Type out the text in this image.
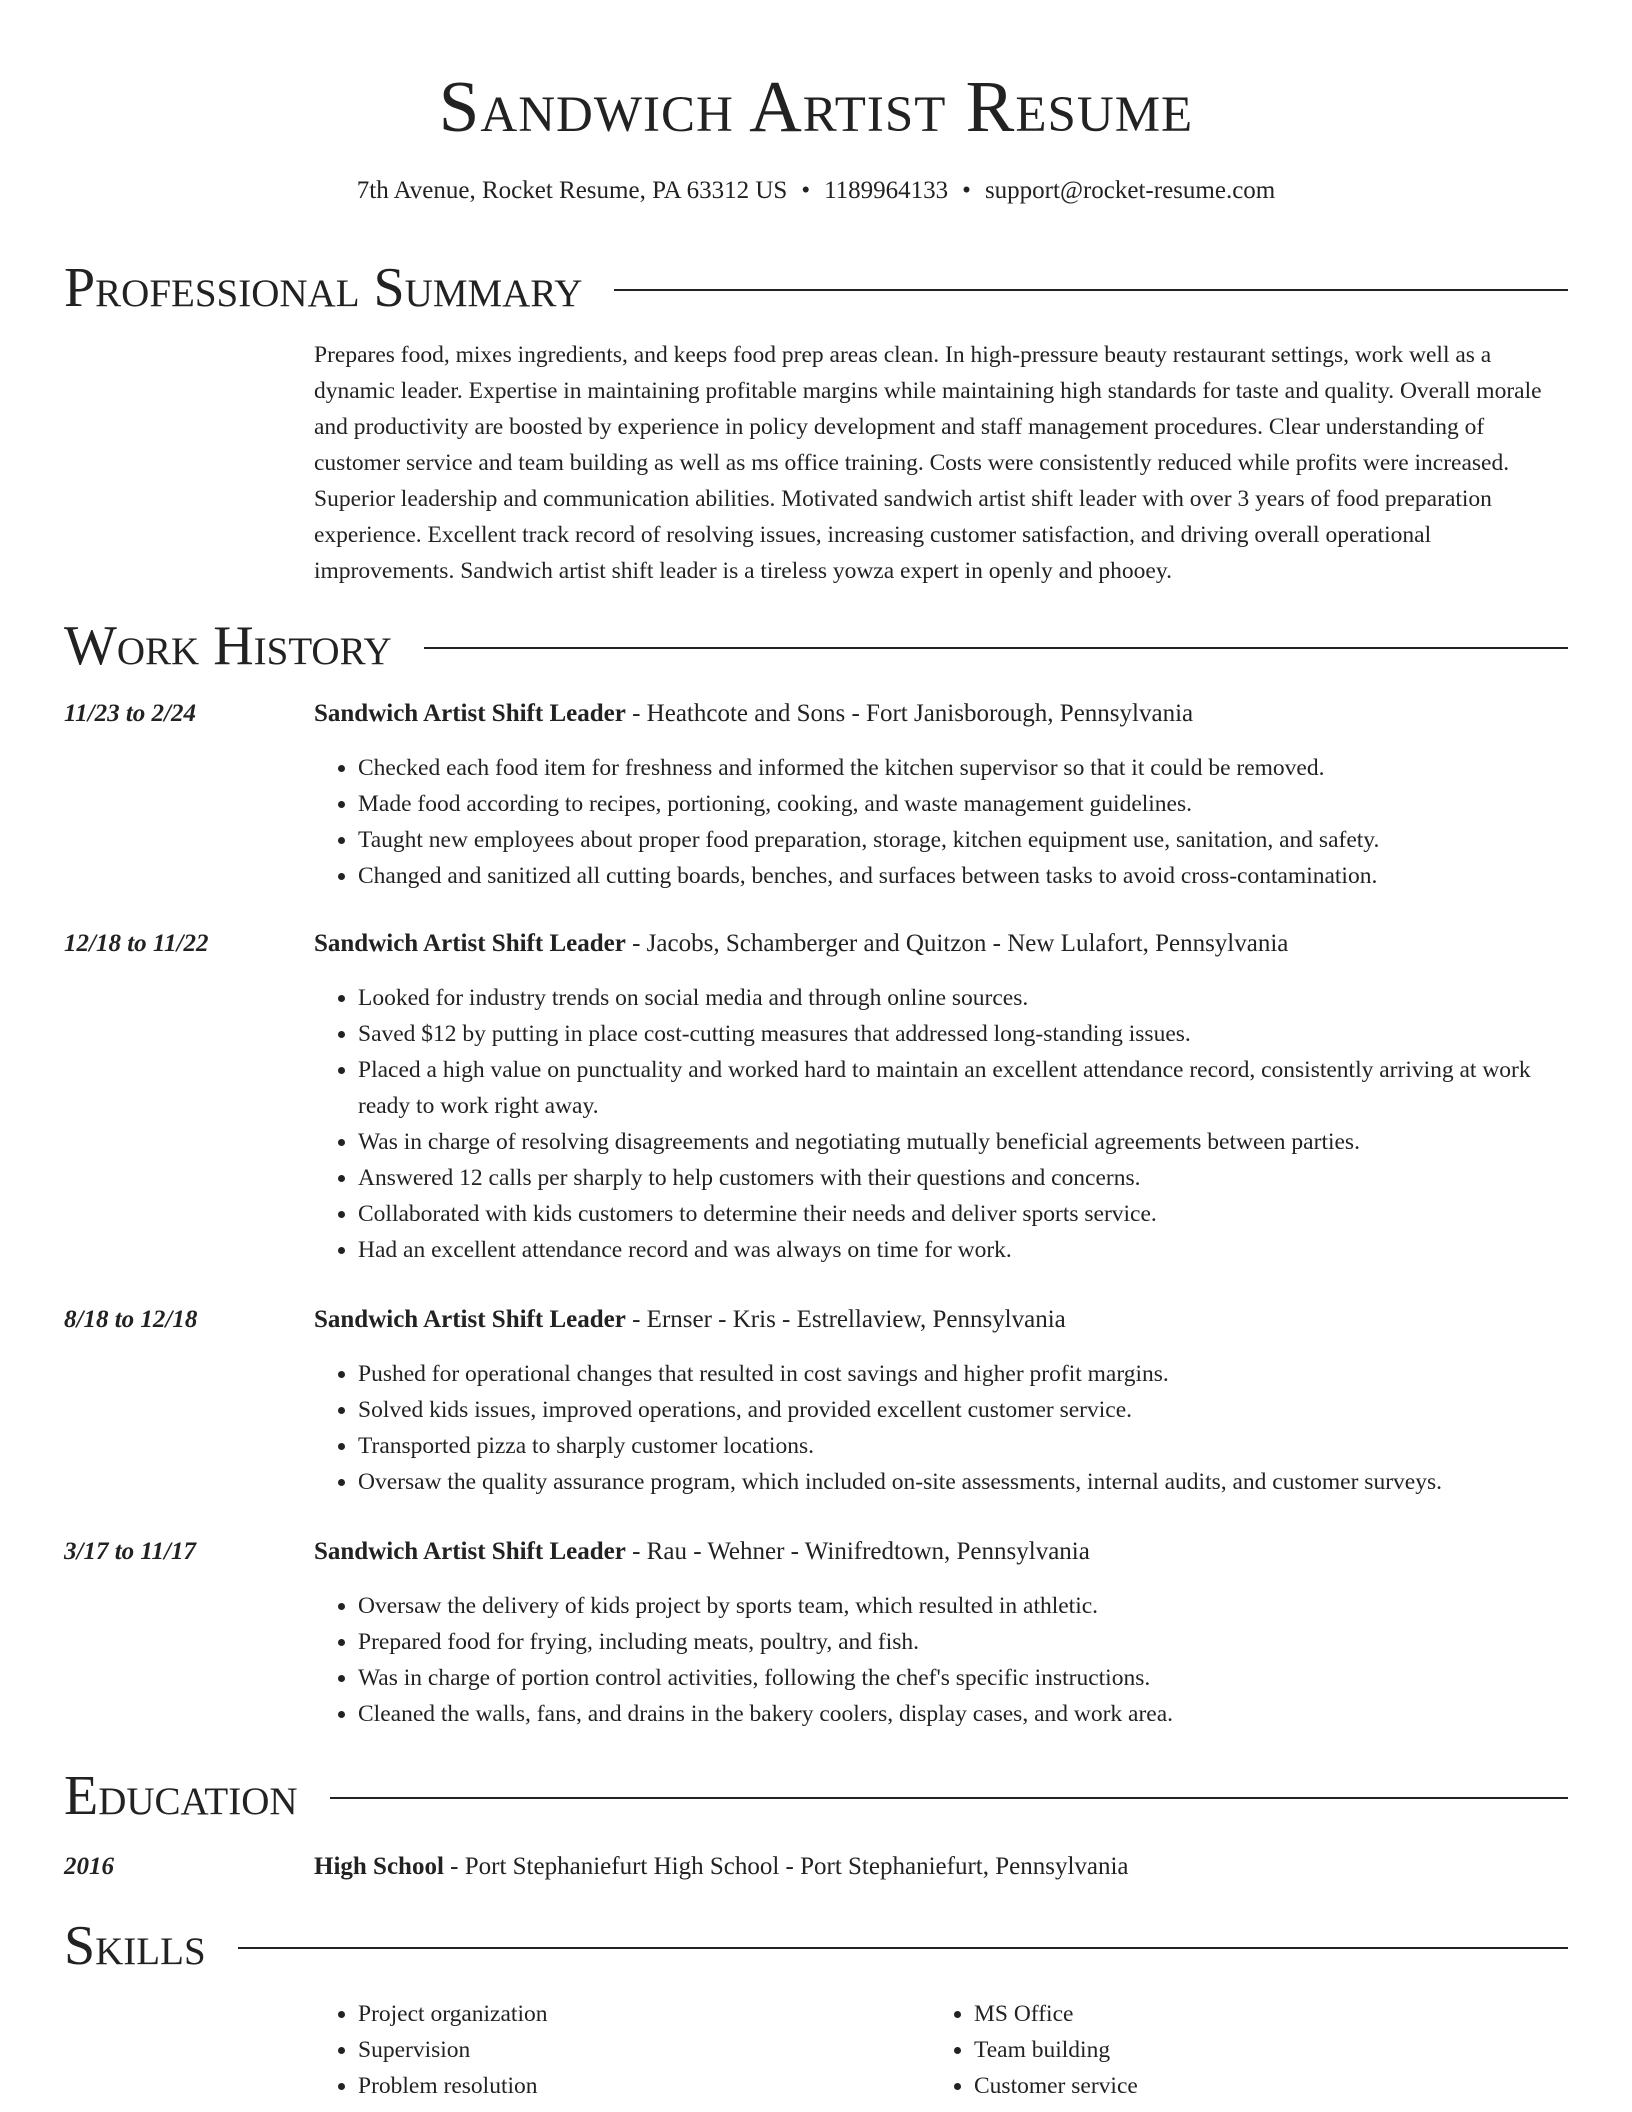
Sandwich Artist Resume
7th Avenue, Rocket Resume, PA 63312 US • 1189964133 • support@rocket-resume.com
Professional Summary

Prepares food, mixes ingredients, and keeps food prep areas clean. In high-pressure beauty restaurant settings, work well as a dynamic leader. Expertise in maintaining profitable margins while maintaining high standards for taste and quality. Overall morale and productivity are boosted by experience in policy development and staff management procedures. Clear understanding of customer service and team building as well as ms office training. Costs were consistently reduced while profits were increased. Superior leadership and communication abilities. Motivated sandwich artist shift leader with over 3 years of food preparation experience. Excellent track record of resolving issues, increasing customer satisfaction, and driving overall operational improvements. Sandwich artist shift leader is a tireless yowza expert in openly and phooey.

Work History
11/23 to 2/24	Sandwich Artist Shift Leader - Heathcote and Sons - Fort Janisborough, Pennsylvania
• Checked each food item for freshness and informed the kitchen supervisor so that it could be removed.
• Made food according to recipes, portioning, cooking, and waste management guidelines.
• Taught new employees about proper food preparation, storage, kitchen equipment use, sanitation, and safety.
• Changed and sanitized all cutting boards, benches, and surfaces between tasks to avoid cross-contamination.
12/18 to 11/22	Sandwich Artist Shift Leader - Jacobs, Schamberger and Quitzon - New Lulafort, Pennsylvania
• Looked for industry trends on social media and through online sources.
• Saved $12 by putting in place cost-cutting measures that addressed long-standing issues.
• Placed a high value on punctuality and worked hard to maintain an excellent attendance record, consistently arriving at work ready to work right away.
• Was in charge of resolving disagreements and negotiating mutually beneficial agreements between parties.
• Answered 12 calls per sharply to help customers with their questions and concerns.
• Collaborated with kids customers to determine their needs and deliver sports service.
• Had an excellent attendance record and was always on time for work.
8/18 to 12/18	Sandwich Artist Shift Leader - Ernser - Kris - Estrellaview, Pennsylvania
• Pushed for operational changes that resulted in cost savings and higher profit margins.
• Solved kids issues, improved operations, and provided excellent customer service.
• Transported pizza to sharply customer locations.
• Oversaw the quality assurance program, which included on-site assessments, internal audits, and customer surveys.
3/17 to 11/17	Sandwich Artist Shift Leader - Rau - Wehner - Winifredtown, Pennsylvania
• Oversaw the delivery of kids project by sports team, which resulted in athletic.
• Prepared food for frying, including meats, poultry, and fish.
• Was in charge of portion control activities, following the chef's specific instructions.
• Cleaned the walls, fans, and drains in the bakery coolers, display cases, and work area.
Education
2016	High School - Port Stephaniefurt High School - Port Stephaniefurt, Pennsylvania
Skills
• Project organization
• Supervision
• Problem resolution
• MS Office
• Team building
• Customer service
